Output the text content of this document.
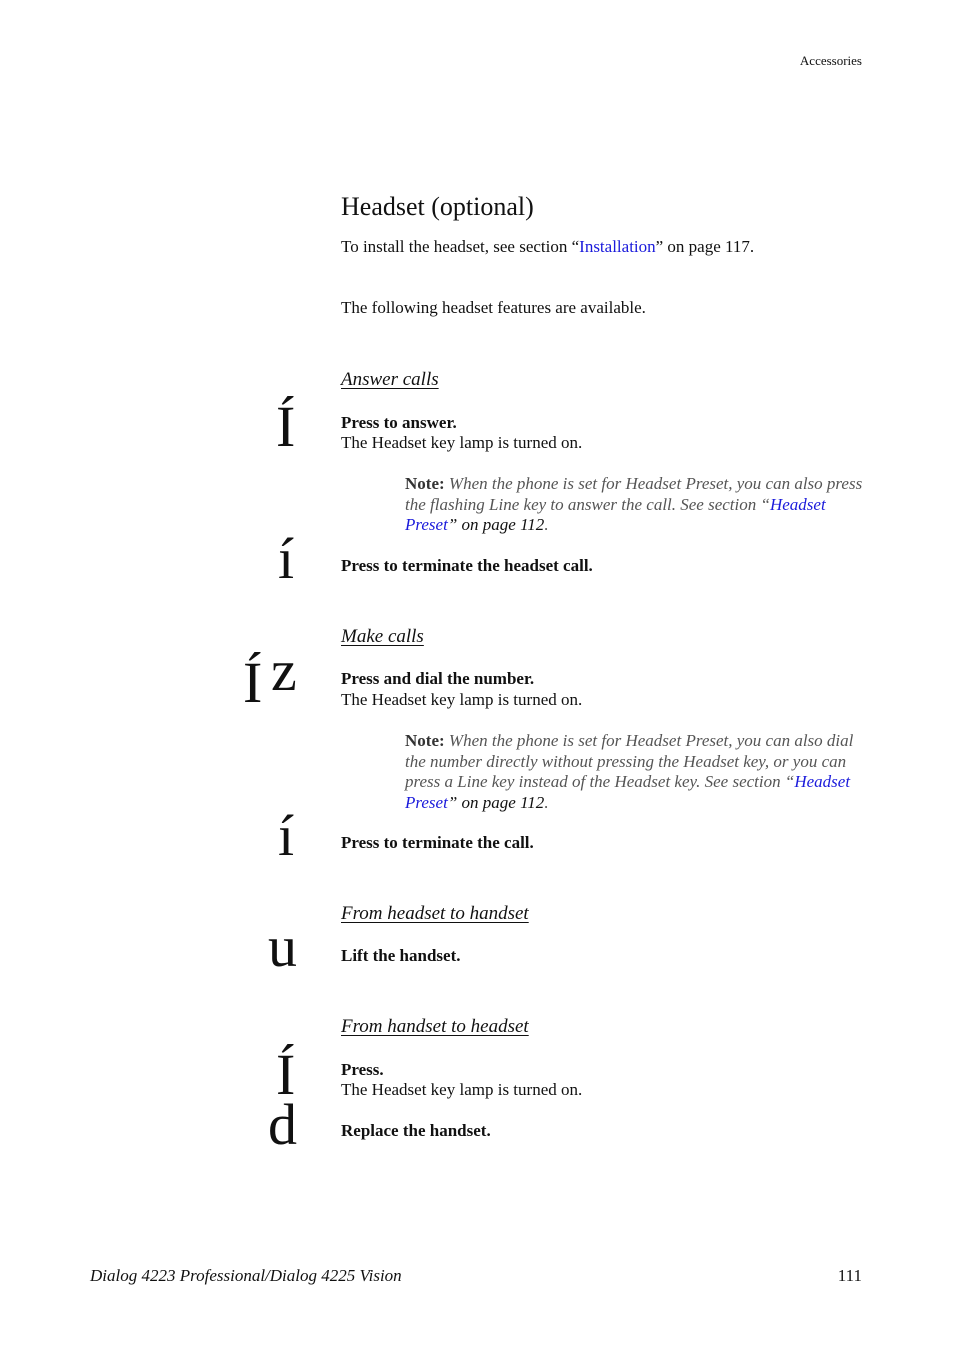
Accessories
Headset (optional)
To install the headset, see section “Installation” on page 117.
The following headset features are available.
Answer calls
Í	Press to answer.
The Headset key lamp is turned on.
Note: When the phone is set for Headset Preset, you can also press the flashing Line key to answer the call. See section “Headset Preset” on page 112.
í	Press to terminate the headset call.
Make calls
Í z	Press and dial the number.
The Headset key lamp is turned on.
Note: When the phone is set for Headset Preset, you can also dial the number directly without pressing the Headset key, or you can press a Line key instead of the Headset key. See section “Headset Preset” on page 112.
í	Press to terminate the call.
From headset to handset
u	Lift the handset.
From handset to headset
Í	Press.
The Headset key lamp is turned on.
d	Replace the handset.
Dialog 4223 Professional/Dialog 4225 Vision	111
